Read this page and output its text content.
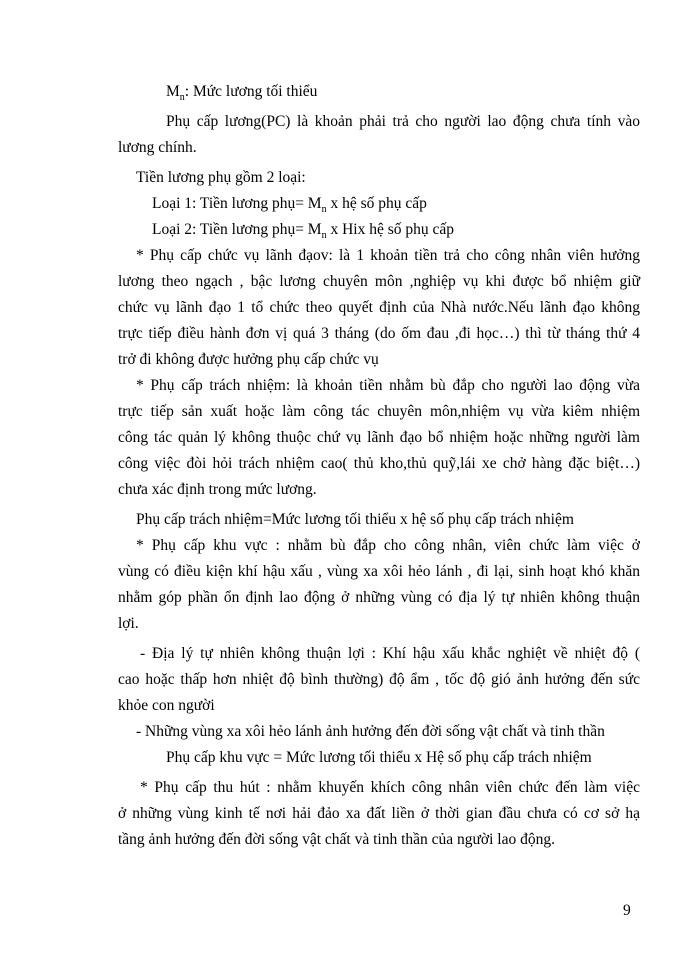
$M_n$: Mức lương tối thiểu
Phụ cấp lương(PC) là khoản phải trả cho người lao động chưa tính vào
lương chính.
Tiền lương phụ gồm 2 loại:
Loại 1: Tiền lương phụ= $M_n$ x hệ số phụ cấp
Loại 2: Tiền lương phụ= $M_n$ x Hix hệ số phụ cấp
* Phụ cấp chức vụ lãnh đạov: là 1 khoản tiền trả cho công nhân viên hưởng
lương theo ngạch , bậc lương chuyên môn ,nghiệp vụ khi được bổ nhiệm giữ
chức vụ lãnh đạo 1 tổ chức theo quyết định của Nhà nước.Nếu lãnh đạo không
trực tiếp điều hành đơn vị quá 3 tháng (do ốm đau ,đi học…) thì từ tháng thứ 4
trở đi không được hưởng phụ cấp chức vụ
* Phụ cấp trách nhiệm: là khoản tiền nhằm bù đắp cho người lao động vừa
trực tiếp sản xuất hoặc làm công tác chuyên môn,nhiệm vụ vừa kiêm nhiệm
công tác quản lý không thuộc chứ vụ lãnh đạo bổ nhiệm hoặc những người làm
công việc đòi hỏi trách nhiệm cao( thủ kho,thủ quỹ,lái xe chở hàng đặc biệt…)
chưa xác định trong mức lương.
Phụ cấp trách nhiệm=Mức lương tối thiểu x hệ số phụ cấp trách nhiệm
* Phụ cấp khu vực : nhằm bù đắp cho công nhân, viên chức làm việc ở
vùng có điều kiện khí hậu xấu , vùng xa xôi hẻo lánh , đi lại, sinh hoạt khó khăn
nhằm góp phần ổn định lao động ở những vùng có địa lý tự nhiên không thuận
lợi.
- Địa lý tự nhiên không thuận lợi : Khí hậu xấu khắc nghiệt về nhiệt độ (
cao hoặc thấp hơn nhiệt độ bình thường) độ ẩm , tốc độ gió ảnh hưởng đến sức
khỏe con người
- Những vùng xa xôi hẻo lánh ảnh hưởng đến đời sống vật chất và tinh thần
Phụ cấp khu vực = Mức lương tối thiểu x Hệ số phụ cấp trách nhiệm
* Phụ cấp thu hút : nhằm khuyến khích công nhân viên chức đến làm việc
ở những vùng kinh tế nơi hải đảo xa đất liền ở thời gian đầu chưa có cơ sở hạ
tầng ảnh hưởng đến đời sống vật chất và tinh thần của người lao động.
9
